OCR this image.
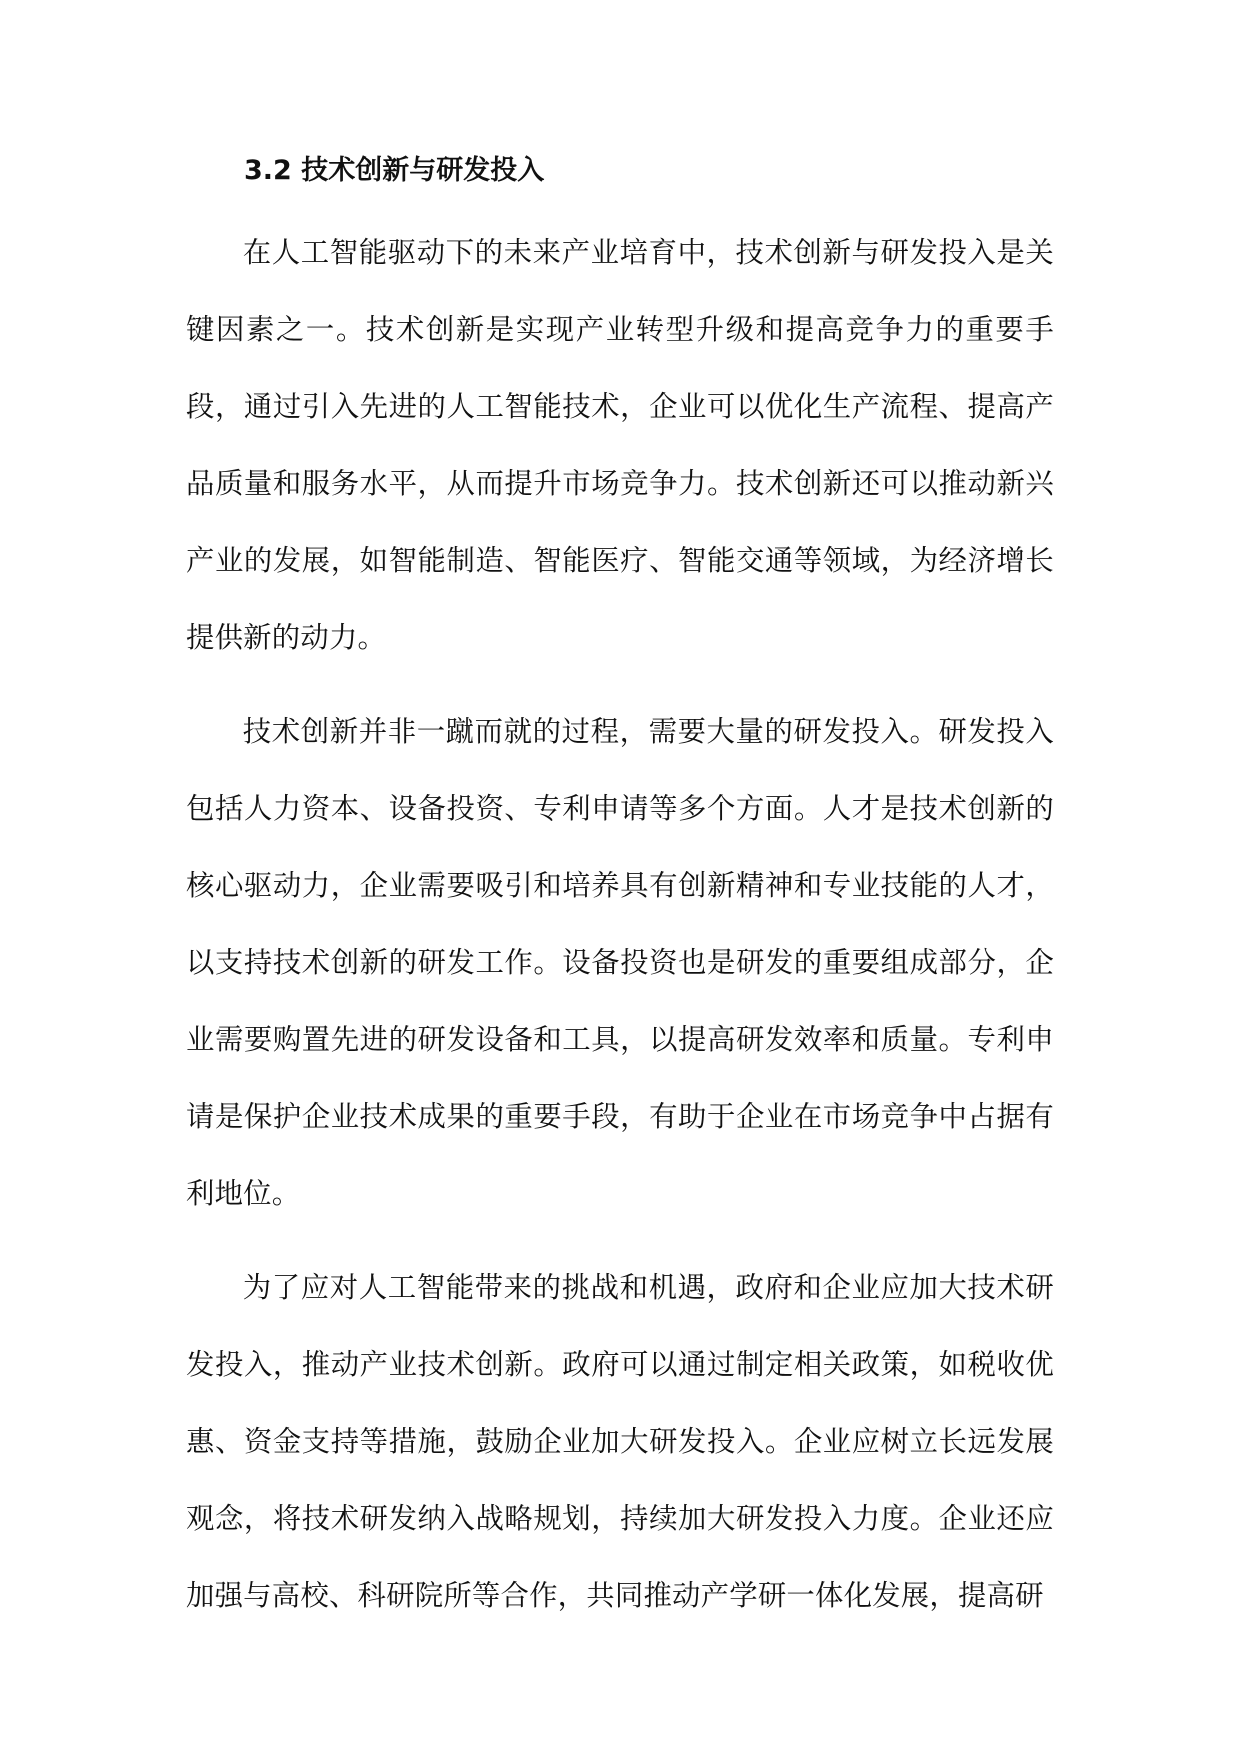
3.2 技术创新与研发投入

在人工智能驱动下的未来产业培育中，技术创新与研发投入是关键因素之一。技术创新是实现产业转型升级和提高竞争力的重要手段，通过引入先进的人工智能技术，企业可以优化生产流程、提高产品质量和服务水平，从而提升市场竞争力。技术创新还可以推动新兴产业的发展，如智能制造、智能医疗、智能交通等领域，为经济增长提供新的动力。

技术创新并非一蹴而就的过程，需要大量的研发投入。研发投入包括人力资本、设备投资、专利申请等多个方面。人才是技术创新的核心驱动力，企业需要吸引和培养具有创新精神和专业技能的人才，以支持技术创新的研发工作。设备投资也是研发的重要组成部分，企业需要购置先进的研发设备和工具，以提高研发效率和质量。专利申请是保护企业技术成果的重要手段，有助于企业在市场竞争中占据有利地位。

为了应对人工智能带来的挑战和机遇，政府和企业应加大技术研发投入，推动产业技术创新。政府可以通过制定相关政策，如税收优惠、资金支持等措施，鼓励企业加大研发投入。企业应树立长远发展观念，将技术研发纳入战略规划，持续加大研发投入力度。企业还应加强与高校、科研院所等合作，共同推动产学研一体化发展，提高研
